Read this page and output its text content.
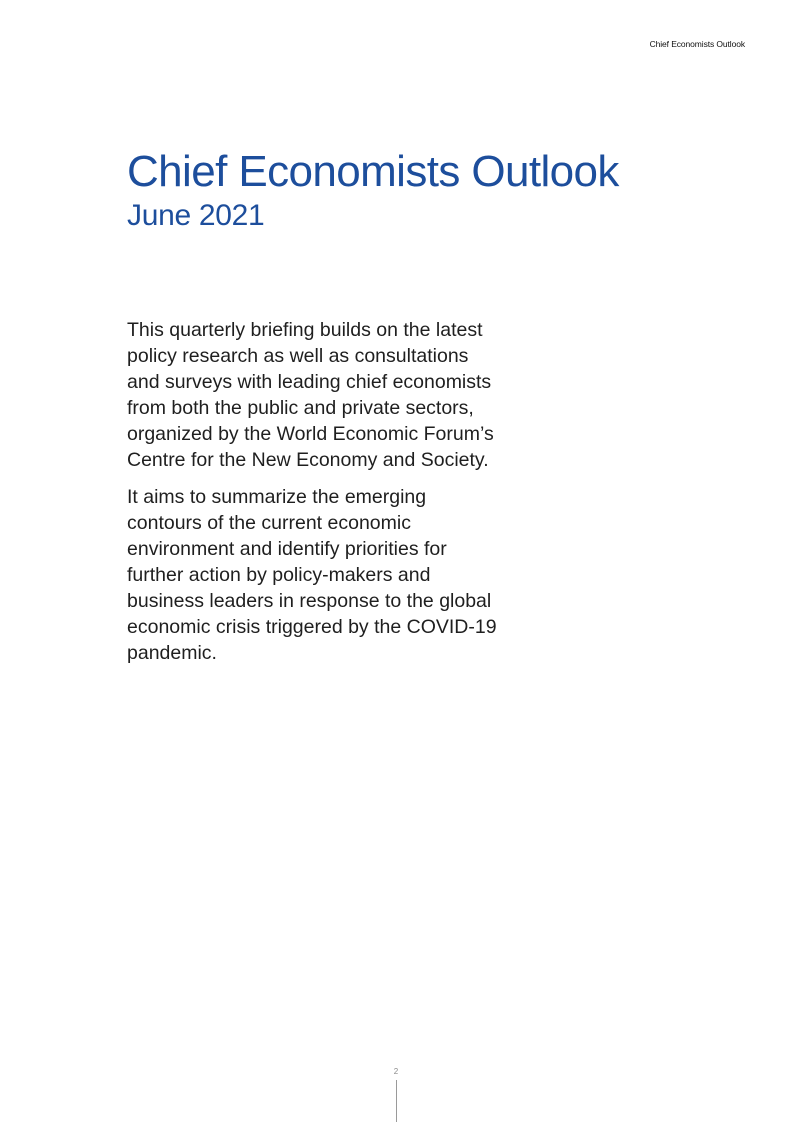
Chief Economists Outlook
Chief Economists Outlook
June 2021

This quarterly briefing builds on the latest policy research as well as consultations and surveys with leading chief economists from both the public and private sectors, organized by the World Economic Forum’s Centre for the New Economy and Society.

It aims to summarize the emerging contours of the current economic environment and identify priorities for further action by policy-makers and business leaders in response to the global economic crisis triggered by the COVID-19 pandemic.

2
